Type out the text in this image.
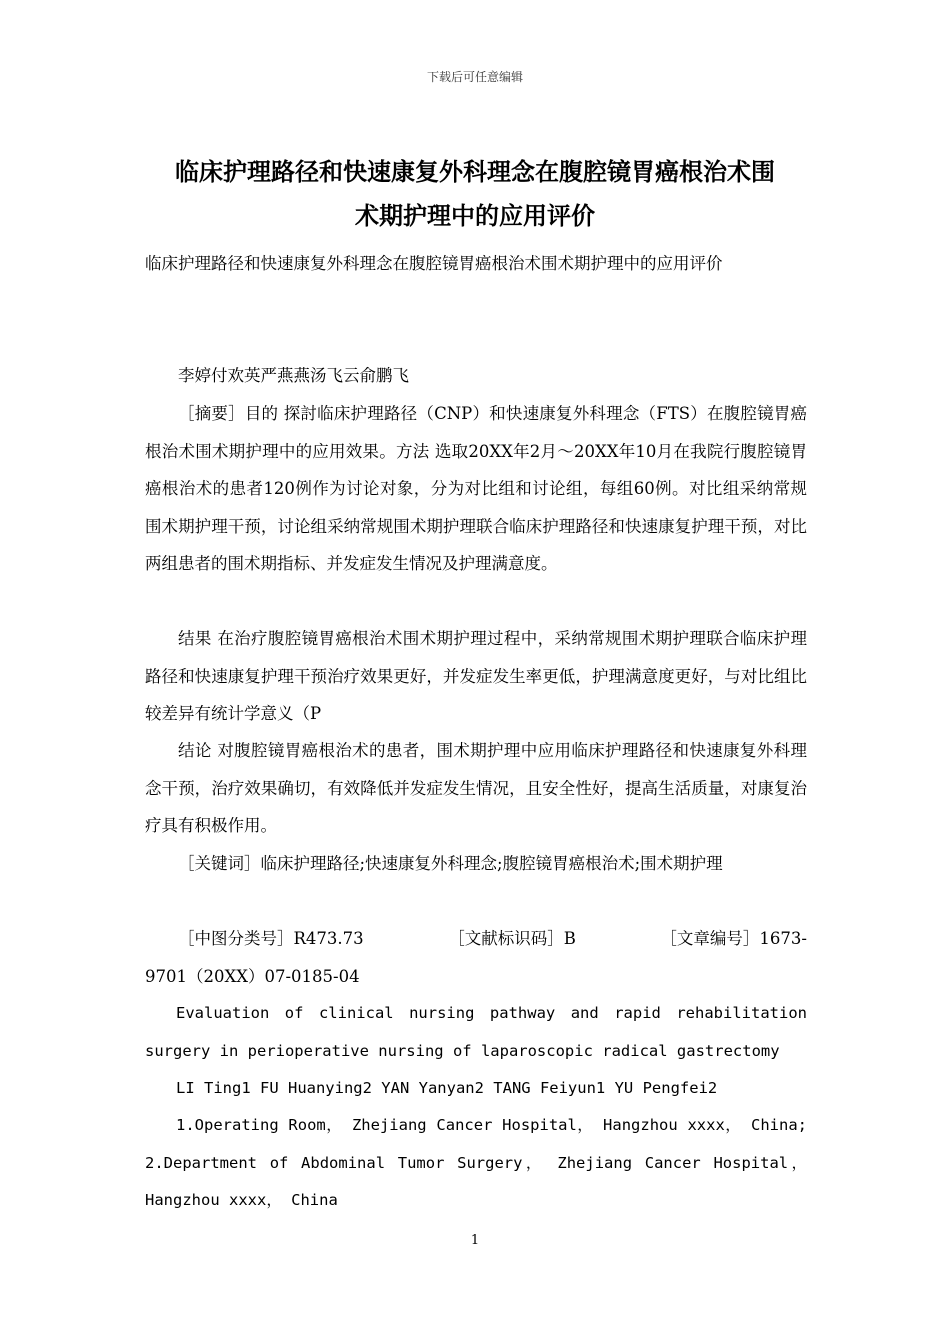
下载后可任意编辑
临床护理路径和快速康复外科理念在腹腔镜胃癌根治术围
术期护理中的应用评价
临床护理路径和快速康复外科理念在腹腔镜胃癌根治术围术期护理中的应用评价
李婷付欢英严燕燕汤飞云俞鹏飞
［摘要］目的 探討临床护理路径（CNP）和快速康复外科理念（FTS）在腹腔镜胃癌根治术围术期护理中的应用效果。方法 选取20XX年2月～20XX年10月在我院行腹腔镜胃癌根治术的患者120例作为讨论对象，分为对比组和讨论组，每组60例。对比组采纳常规围术期护理干预，讨论组采纳常规围术期护理联合临床护理路径和快速康复护理干预，对比两组患者的围术期指标、并发症发生情况及护理满意度。
结果 在治疗腹腔镜胃癌根治术围术期护理过程中，采纳常规围术期护理联合临床护理路径和快速康复护理干预治疗效果更好，并发症发生率更低，护理满意度更好，与对比组比较差异有统计学意义（P
结论 对腹腔镜胃癌根治术的患者，围术期护理中应用临床护理路径和快速康复外科理念干预，治疗效果确切，有效降低并发症发生情况，且安全性好，提高生活质量，对康复治疗具有积极作用。
［关键词］临床护理路径;快速康复外科理念;腹腔镜胃癌根治术;围术期护理
［中图分类号］R473.73	［文献标识码］B	［文章编号］1673-
9701（20XX）07-0185-04
Evaluation of clinical nursing pathway and rapid rehabilitation surgery in perioperative nursing of laparoscopic radical gastrectomy
LI Ting1 FU Huanying2 YAN Yanyan2 TANG Feiyun1 YU Pengfei2
1.Operating Room， Zhejiang Cancer Hospital， Hangzhou xxxx， China; 2.Department of Abdominal Tumor Surgery， Zhejiang Cancer Hospital， Hangzhou xxxx， China
1
